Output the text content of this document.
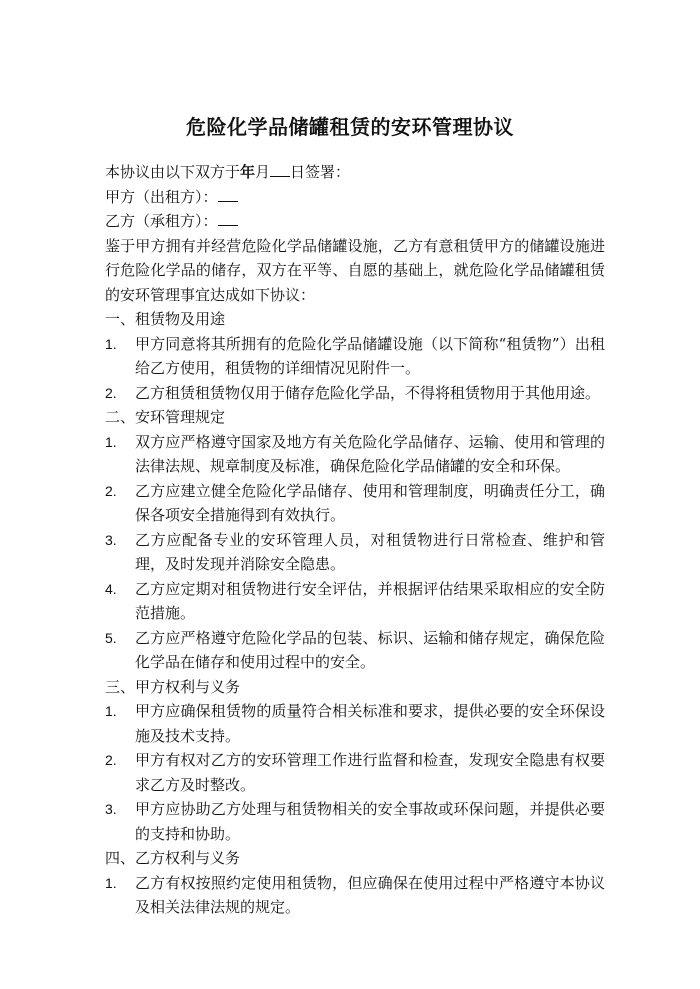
危险化学品储罐租赁的安环管理协议

本协议由以下双方于年月 日签署：

甲方（出租方）：

乙方（承租方）：

鉴于甲方拥有并经营危险化学品储罐设施，乙方有意租赁甲方的储罐设施进行危险化学品的储存，双方在平等、自愿的基础上，就危险化学品储罐租赁的安环管理事宜达成如下协议：

一、租赁物及用途

1. 甲方同意将其所拥有的危险化学品储罐设施（以下简称“租赁物”）出租给乙方使用，租赁物的详细情况见附件一。
2. 乙方租赁租赁物仅用于储存危险化学品，不得将租赁物用于其他用途。

二、安环管理规定

1. 双方应严格遵守国家及地方有关危险化学品储存、运输、使用和管理的法律法规、规章制度及标准，确保危险化学品储罐的安全和环保。
2. 乙方应建立健全危险化学品储存、使用和管理制度，明确责任分工，确保各项安全措施得到有效执行。
3. 乙方应配备专业的安环管理人员，对租赁物进行日常检查、维护和管理，及时发现并消除安全隐患。
4. 乙方应定期对租赁物进行安全评估，并根据评估结果采取相应的安全防范措施。
5. 乙方应严格遵守危险化学品的包装、标识、运输和储存规定，确保危险化学品在储存和使用过程中的安全。

三、甲方权利与义务

1. 甲方应确保租赁物的质量符合相关标准和要求，提供必要的安全环保设施及技术支持。
2. 甲方有权对乙方的安环管理工作进行监督和检查，发现安全隐患有权要求乙方及时整改。
3. 甲方应协助乙方处理与租赁物相关的安全事故或环保问题，并提供必要的支持和协助。

四、乙方权利与义务

1. 乙方有权按照约定使用租赁物，但应确保在使用过程中严格遵守本协议及相关法律法规的规定。
